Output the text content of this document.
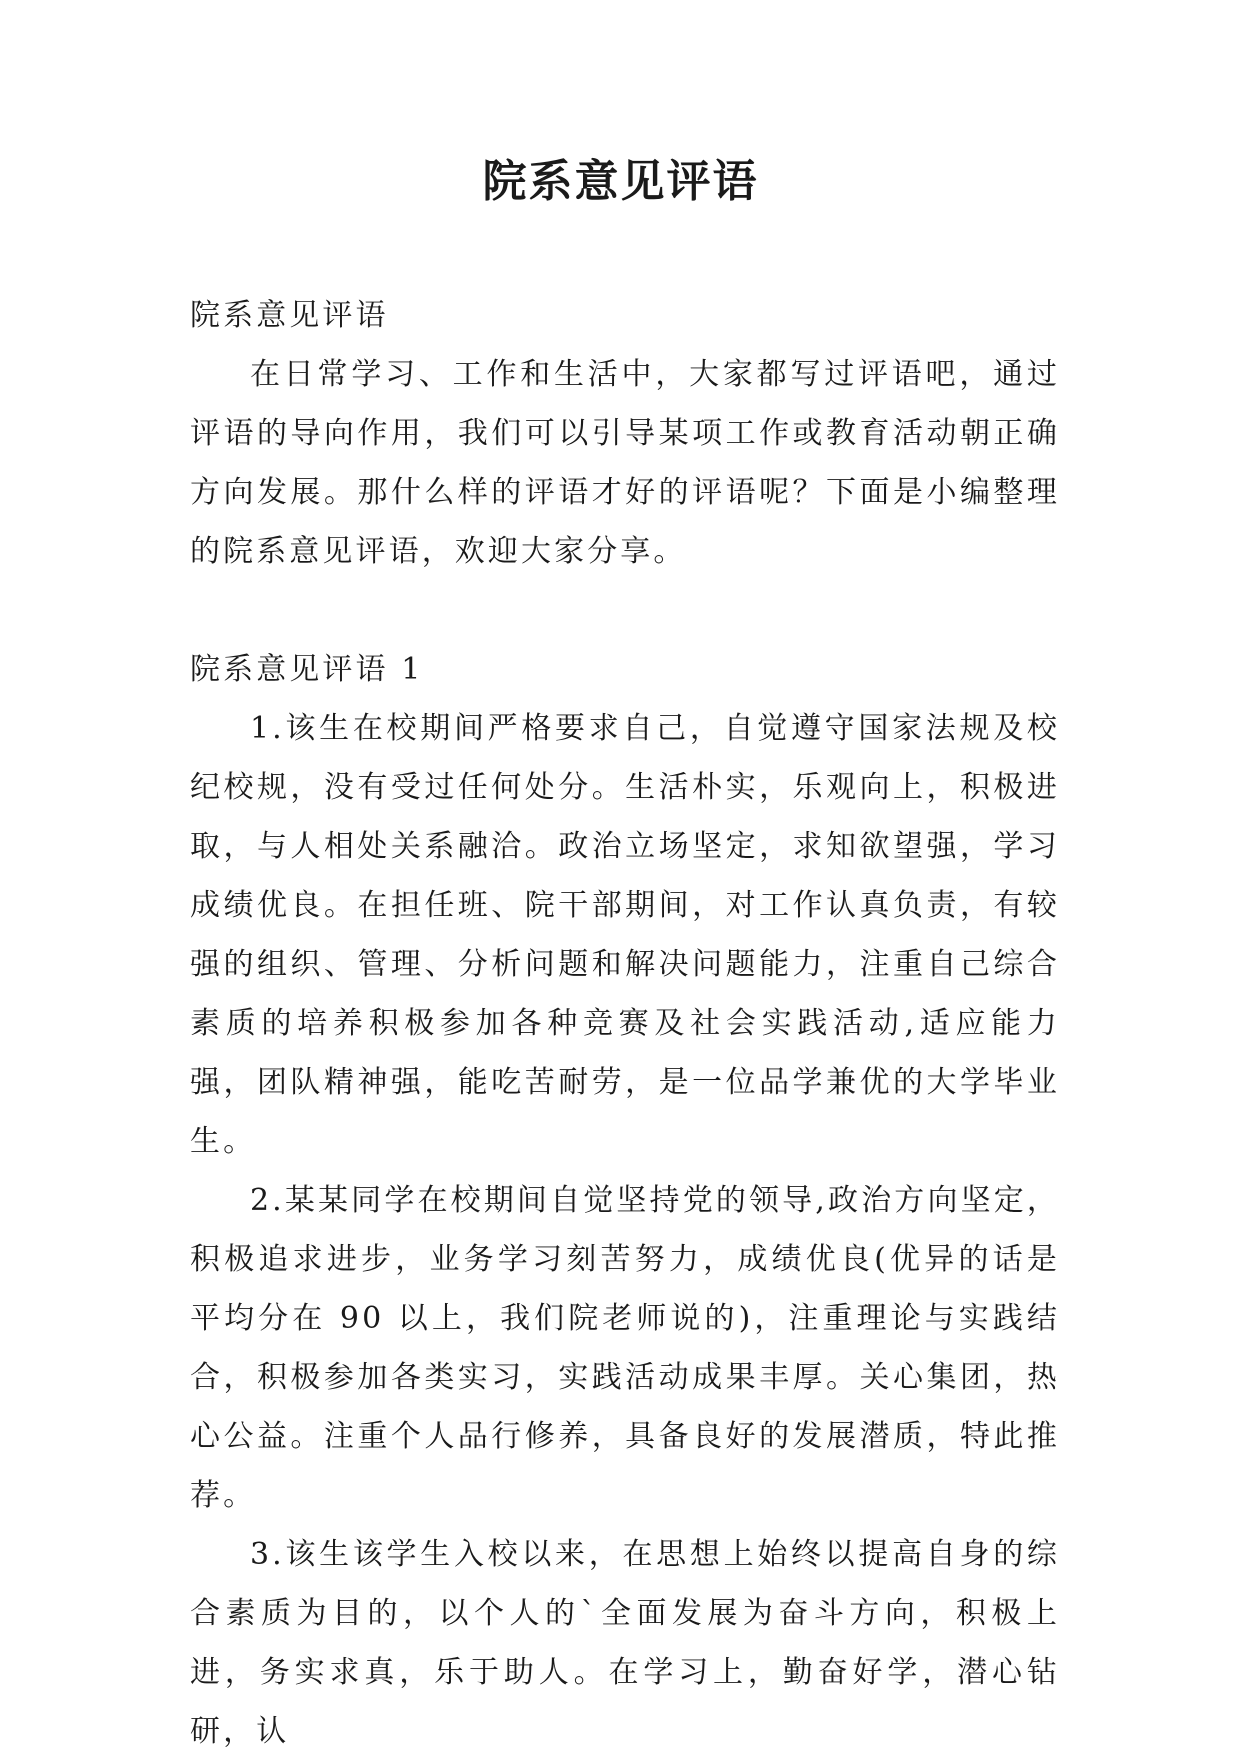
院系意见评语

院系意见评语

在日常学习、工作和生活中，大家都写过评语吧，通过评语的导向作用，我们可以引导某项工作或教育活动朝正确方向发展。那什么样的评语才好的评语呢？下面是小编整理的院系意见评语，欢迎大家分享。

院系意见评语 1

1.该生在校期间严格要求自己，自觉遵守国家法规及校纪校规，没有受过任何处分。生活朴实，乐观向上，积极进取，与人相处关系融洽。政治立场坚定，求知欲望强，学习成绩优良。在担任班、院干部期间，对工作认真负责，有较强的组织、管理、分析问题和解决问题能力，注重自己综合素质的培养积极参加各种竞赛及社会实践活动,适应能力强，团队精神强，能吃苦耐劳，是一位品学兼优的大学毕业生。

2.某某同学在校期间自觉坚持党的领导,政治方向坚定，积极追求进步，业务学习刻苦努力，成绩优良(优异的话是平均分在 90 以上，我们院老师说的)，注重理论与实践结合，积极参加各类实习，实践活动成果丰厚。关心集团，热心公益。注重个人品行修养，具备良好的发展潜质，特此推荐。

3.该生该学生入校以来，在思想上始终以提高自身的综合素质为目的，以个人的`全面发展为奋斗方向，积极上进，务实求真，乐于助人。在学习上，勤奋好学，潜心钻研，认
